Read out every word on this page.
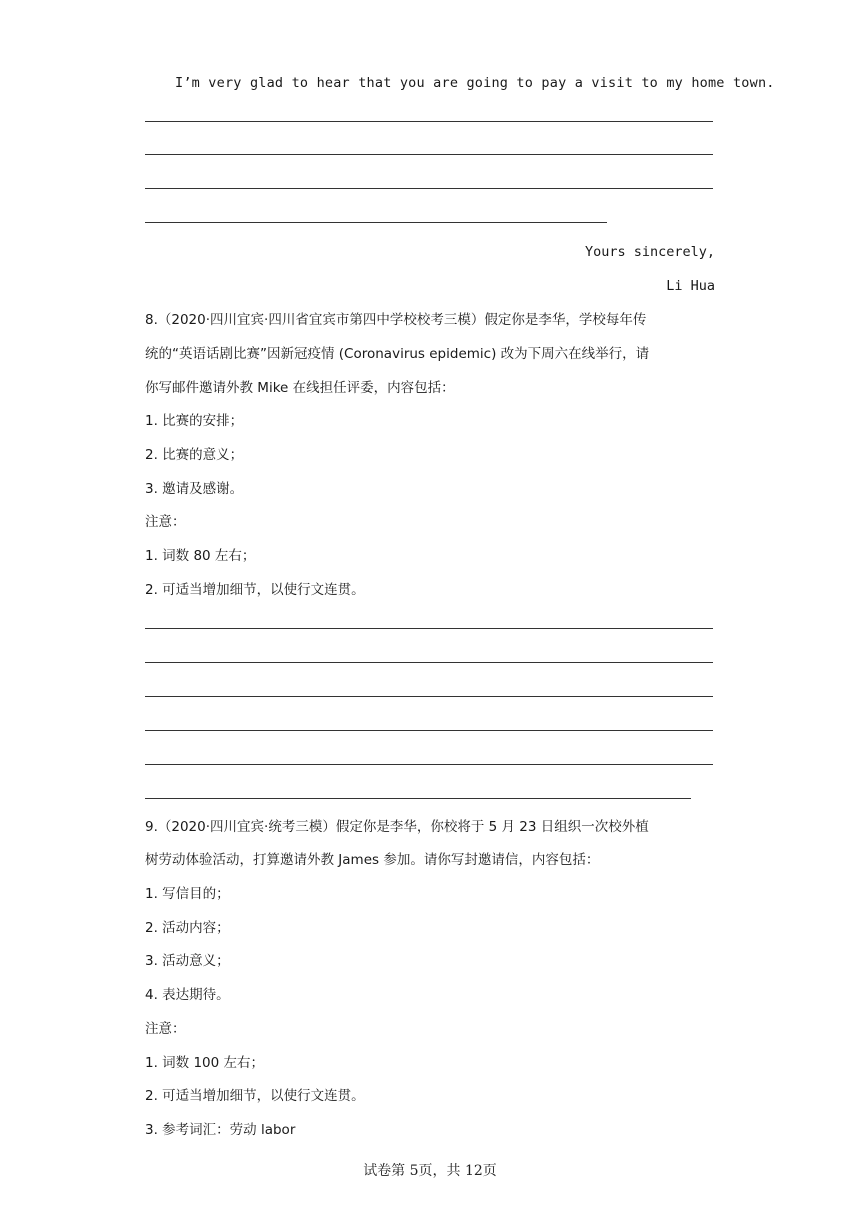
I’m very glad to hear that you are going to pay a visit to my home town.
Yours sincerely,
Li Hua
8.（2020·四川宜宾·四川省宜宾市第四中学校校考三模）假定你是李华，学校每年传
统的“英语话剧比赛”因新冠疫情 (Coronavirus epidemic) 改为下周六在线举行，请
你写邮件邀请外教 Mike 在线担任评委，内容包括：
1. 比赛的安排；
2. 比赛的意义；
3. 邀请及感谢。
注意：
1. 词数 80 左右；
2. 可适当增加细节，以使行文连贯。
9.（2020·四川宜宾·统考三模）假定你是李华，你校将于 5 月 23 日组织一次校外植
树劳动体验活动，打算邀请外教 James 参加。请你写封邀请信，内容包括：
1. 写信目的；
2. 活动内容；
3. 活动意义；
4. 表达期待。
注意：
1. 词数 100 左右；
2. 可适当增加细节，以使行文连贯。
3. 参考词汇：劳动 labor
试卷第 5页，共 12页
